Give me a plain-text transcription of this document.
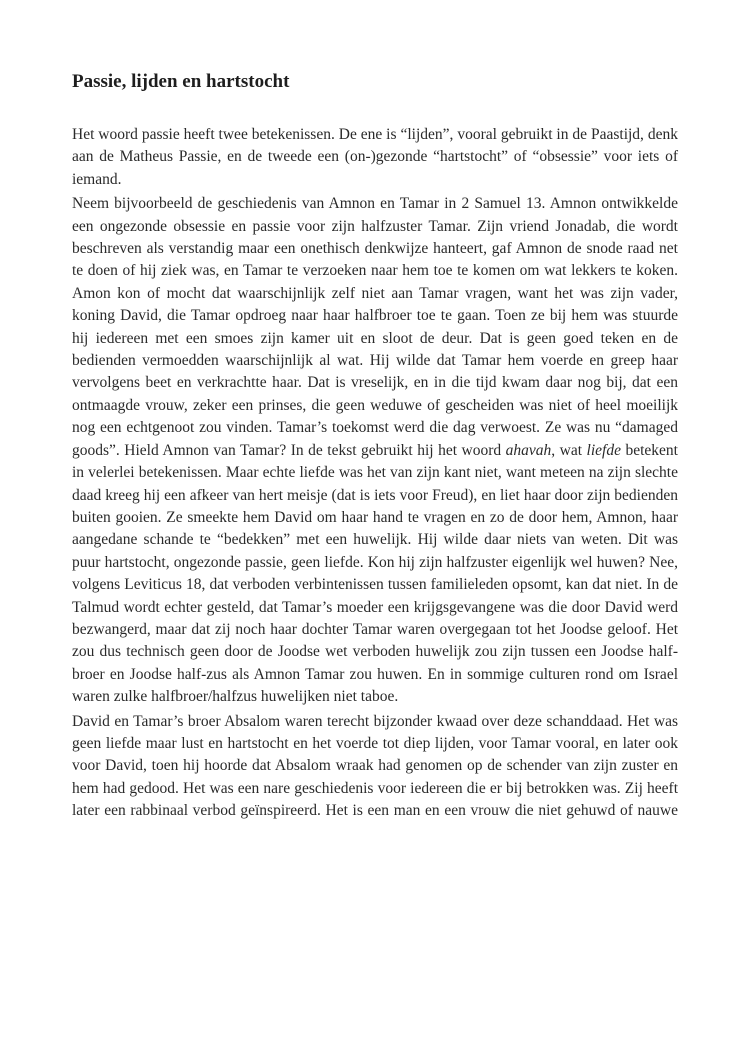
Passie, lijden en hartstocht

Het woord passie heeft twee betekenissen. De ene is “lijden”, vooral gebruikt in de Paastijd, denk aan de Matheus Passie, en de tweede een (on-)gezonde “hartstocht” of “obsessie” voor iets of iemand.

Neem bijvoorbeeld de geschiedenis van Amnon en Tamar in 2 Samuel 13. Amnon ontwikkelde een ongezonde obsessie en passie voor zijn halfzuster Tamar. Zijn vriend Jonadab, die wordt beschreven als verstandig maar een onethisch denkwijze hanteert, gaf Amnon de snode raad net te doen of hij ziek was, en Tamar te verzoeken naar hem toe te komen om wat lekkers te koken. Amon kon of mocht dat waarschijnlijk zelf niet aan Tamar vragen, want het was zijn vader, koning David, die Tamar opdroeg naar haar halfbroer toe te gaan. Toen ze bij hem was stuurde hij iedereen met een smoes zijn kamer uit en sloot de deur. Dat is geen goed teken en de bedienden vermoedden waarschijnlijk al wat. Hij wilde dat Tamar hem voerde en greep haar vervolgens beet en verkrachtte haar. Dat is vreselijk, en in die tijd kwam daar nog bij, dat een ontmaagde vrouw, zeker een prinses, die geen weduwe of gescheiden was niet of heel moeilijk nog een echtgenoot zou vinden. Tamar’s toekomst werd die dag verwoest. Ze was nu “damaged goods”. Hield Amnon van Tamar? In de tekst gebruikt hij het woord ahavah, wat liefde betekent in velerlei betekenissen. Maar echte liefde was het van zijn kant niet, want meteen na zijn slechte daad kreeg hij een afkeer van hert meisje (dat is iets voor Freud), en liet haar door zijn bedienden buiten gooien. Ze smeekte hem David om haar hand te vragen en zo de door hem, Amnon, haar aangedane schande te “bedekken” met een huwelijk. Hij wilde daar niets van weten. Dit was puur hartstocht, ongezonde passie, geen liefde. Kon hij zijn halfzuster eigenlijk wel huwen? Nee, volgens Leviticus 18, dat verboden verbintenissen tussen familieleden opsomt, kan dat niet. In de Talmud wordt echter gesteld, dat Tamar’s moeder een krijgsgevangene was die door David werd bezwangerd, maar dat zij noch haar dochter Tamar waren overgegaan tot het Joodse geloof. Het zou dus technisch geen door de Joodse wet verboden huwelijk zou zijn tussen een Joodse half-broer en Joodse half-zus als Amnon Tamar zou huwen. En in sommige culturen rond om Israel waren zulke halfbroer/halfzus huwelijken niet taboe.

David en Tamar’s broer Absalom waren terecht bijzonder kwaad over deze schanddaad. Het was geen liefde maar lust en hartstocht en het voerde tot diep lijden, voor Tamar vooral, en later ook voor David, toen hij hoorde dat Absalom wraak had genomen op de schender van zijn zuster en hem had gedood. Het was een nare geschiedenis voor iedereen die er bij betrokken was. Zij heeft later een rabbinaal verbod geïnspireerd. Het is een man en een vrouw die niet gehuwd of nauwe
